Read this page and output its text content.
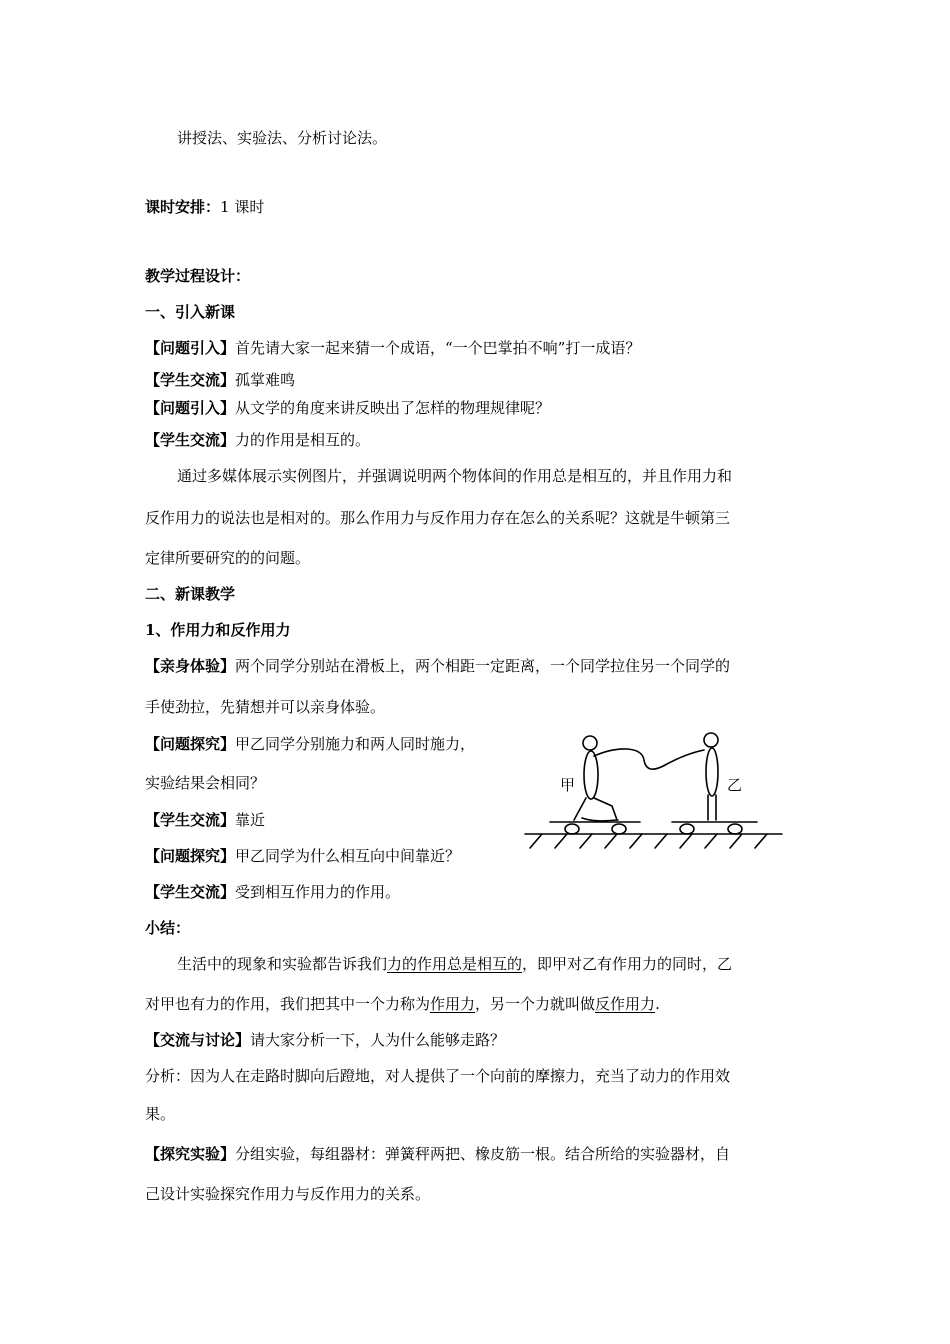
讲授法、实验法、分析讨论法。
课时安排：1 课时
教学过程设计：
一、引入新课
【问题引入】首先请大家一起来猜一个成语，“一个巴掌拍不响”打一成语？
【学生交流】孤掌难鸣
【问题引入】从文学的角度来讲反映出了怎样的物理规律呢？
【学生交流】力的作用是相互的。
通过多媒体展示实例图片，并强调说明两个物体间的作用总是相互的，并且作用力和
反作用力的说法也是相对的。那么作用力与反作用力存在怎么的关系呢？这就是牛顿第三
定律所要研究的的问题。
二、新课教学
1、作用力和反作用力
【亲身体验】两个同学分别站在滑板上，两个相距一定距离，一个同学拉住另一个同学的
手使劲拉，先猜想并可以亲身体验。
【问题探究】甲乙同学分别施力和两人同时施力，
实验结果会相同？
【学生交流】靠近
【问题探究】甲乙同学为什么相互向中间靠近？
【学生交流】受到相互作用力的作用。
小结：
生活中的现象和实验都告诉我们力的作用总是相互的，即甲对乙有作用力的同时，乙
对甲也有力的作用，我们把其中一个力称为作用力，另一个力就叫做反作用力.
【交流与讨论】请大家分析一下，人为什么能够走路？
分析：因为人在走路时脚向后蹬地，对人提供了一个向前的摩擦力，充当了动力的作用效
果。
【探究实验】分组实验，每组器材：弹簧秤两把、橡皮筋一根。结合所给的实验器材，自
己设计实验探究作用力与反作用力的关系。
甲	乙
